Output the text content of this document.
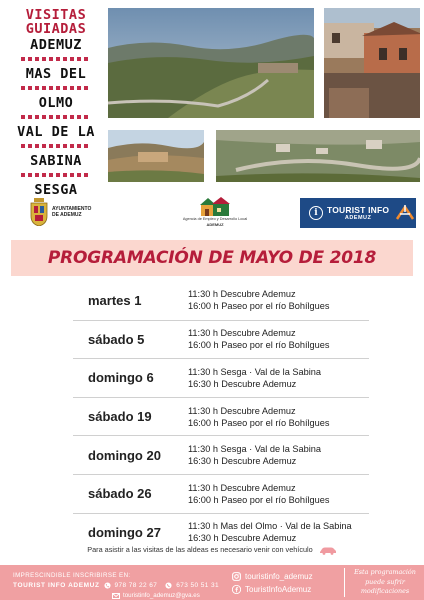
VISITAS
GUIADAS
ADEMUZ
MAS DEL
OLMO
VAL DE LA
SABINA
SESGA
AYUNTAMIENTO
DE ADEMUZ
Agencia de Empleo y Desarrollo Local
ADEMUZ
i	TOURIST INFO
ADEMUZ
PROGRAMACIÓN DE MAYO DE 2018
martes 1	11:30 h Descubre Ademuz
16:00 h Paseo por el río Bohílgues
sábado 5	11:30 h Descubre Ademuz
16:00 h Paseo por el río Bohílgues
domingo 6	11:30 h Sesga · Val de la Sabina
16:30 h Descubre Ademuz
sábado 19	11:30 h Descubre Ademuz
16:00 h Paseo por el río Bohílgues
domingo 20	11:30 h Sesga · Val de la Sabina
16:30 h Descubre Ademuz
sábado 26	11:30 h Descubre Ademuz
16:00 h Paseo por el río Bohílgues
domingo 27	11:30 h Mas del Olmo · Val de la Sabina
16:30 h Descubre Ademuz
Para asistir a las visitas de las aldeas es necesario venir con vehículo
IMPRESCINDIBLE INSCRIBIRSE EN:
TOURIST INFO ADEMUZ 978 78 22 67	673 50 51 31
touristinfo_ademuz@gva.es
touristinfo_ademuz
TouristInfoAdemuz
Esta programación
puede sufrir
modificaciones
